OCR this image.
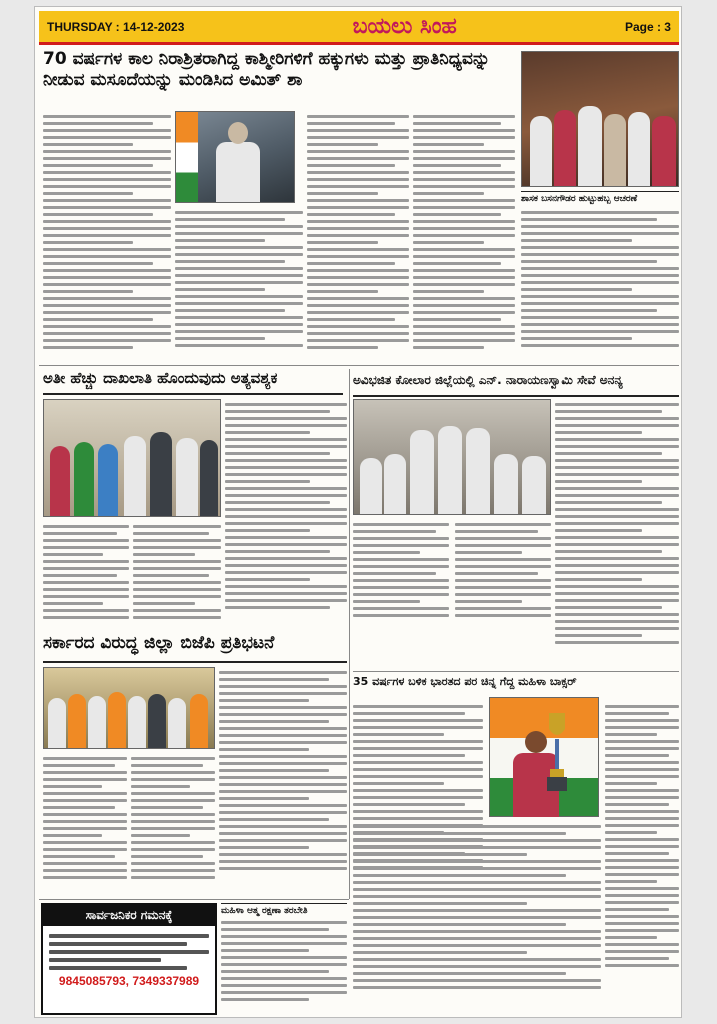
THURSDAY : 14-12-2023	ಬಯಲು ಸಿಂಹ	Page : 3
70 ವರ್ಷಗಳ ಕಾಲ ನಿರಾಶ್ರಿತರಾಗಿದ್ದ ಕಾಶ್ಮೀರಿಗಳಿಗೆ ಹಕ್ಕುಗಳು ಮತ್ತು ಪ್ರಾತಿನಿಧ್ಯವನ್ನು ನೀಡುವ ಮಸೂದೆಯನ್ನು ಮಂಡಿಸಿದ ಅಮಿತ್ ಶಾ
ಶಾಸಕ ಬಸನಗೌಡರ ಹುಟ್ಟುಹಬ್ಬ ಆಚರಣೆ
ಅತೀ ಹೆಚ್ಚು ದಾಖಲಾತಿ ಹೊಂದುವುದು ಅತ್ಯವಶ್ಯಕ	ಅವಿಭಜಿತ ಕೋಲಾರ ಜಿಲ್ಲೆಯಲ್ಲಿ ಎನ್. ನಾರಾಯಣಸ್ವಾಮಿ ಸೇವೆ ಅನನ್ಯ
ಸರ್ಕಾರದ ವಿರುದ್ಧ ಜಿಲ್ಲಾ ಬಿಜೆಪಿ ಪ್ರತಿಭಟನೆ
35 ವರ್ಷಗಳ ಬಳಿಕ ಭಾರತದ ಪರ ಚಿನ್ನ ಗೆದ್ದ ಮಹಿಳಾ ಬಾಕ್ಸರ್
ಸಾರ್ವಜನಿಕರ ಗಮನಕ್ಕೆ
9845085793, 7349337989
ಮಹಿಳಾ ಆತ್ಮ ರಕ್ಷಣಾ ತರಬೇತಿ
